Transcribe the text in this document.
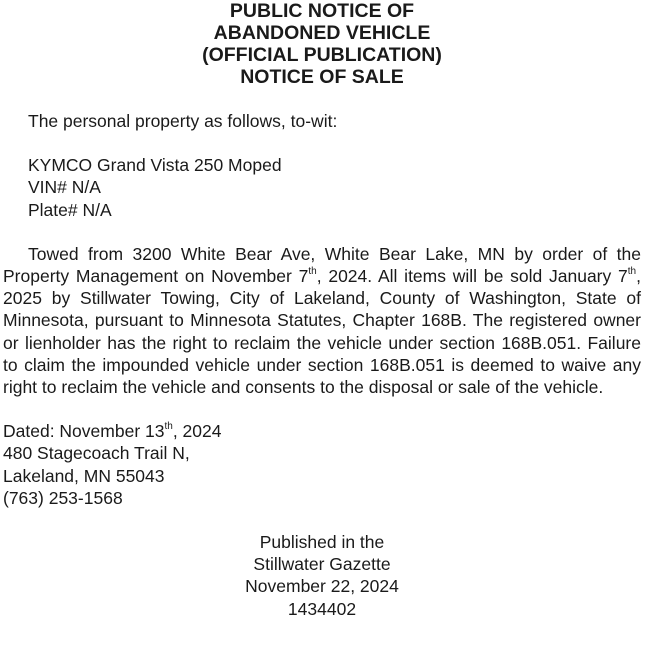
PUBLIC NOTICE OF
ABANDONED VEHICLE
(OFFICIAL PUBLICATION)
NOTICE OF SALE

The personal property as follows, to-wit:

KYMCO Grand Vista 250 Moped
VIN# N/A
Plate# N/A

Towed from 3200 White Bear Ave, White Bear Lake, MN by order of the Property Management on November 7th, 2024. All items will be sold January 7th, 2025 by Stillwater Towing, City of Lakeland, County of Washington, State of Minnesota, pursuant to Minnesota Statutes, Chapter 168B. The registered owner or lienholder has the right to reclaim the vehicle under section 168B.051. Failure to claim the impounded vehicle under section 168B.051 is deemed to waive any right to reclaim the vehicle and consents to the disposal or sale of the vehicle.

Dated: November 13th, 2024
480 Stagecoach Trail N,
Lakeland, MN 55043
(763) 253-1568
Published in the
Stillwater Gazette
November 22, 2024
1434402
